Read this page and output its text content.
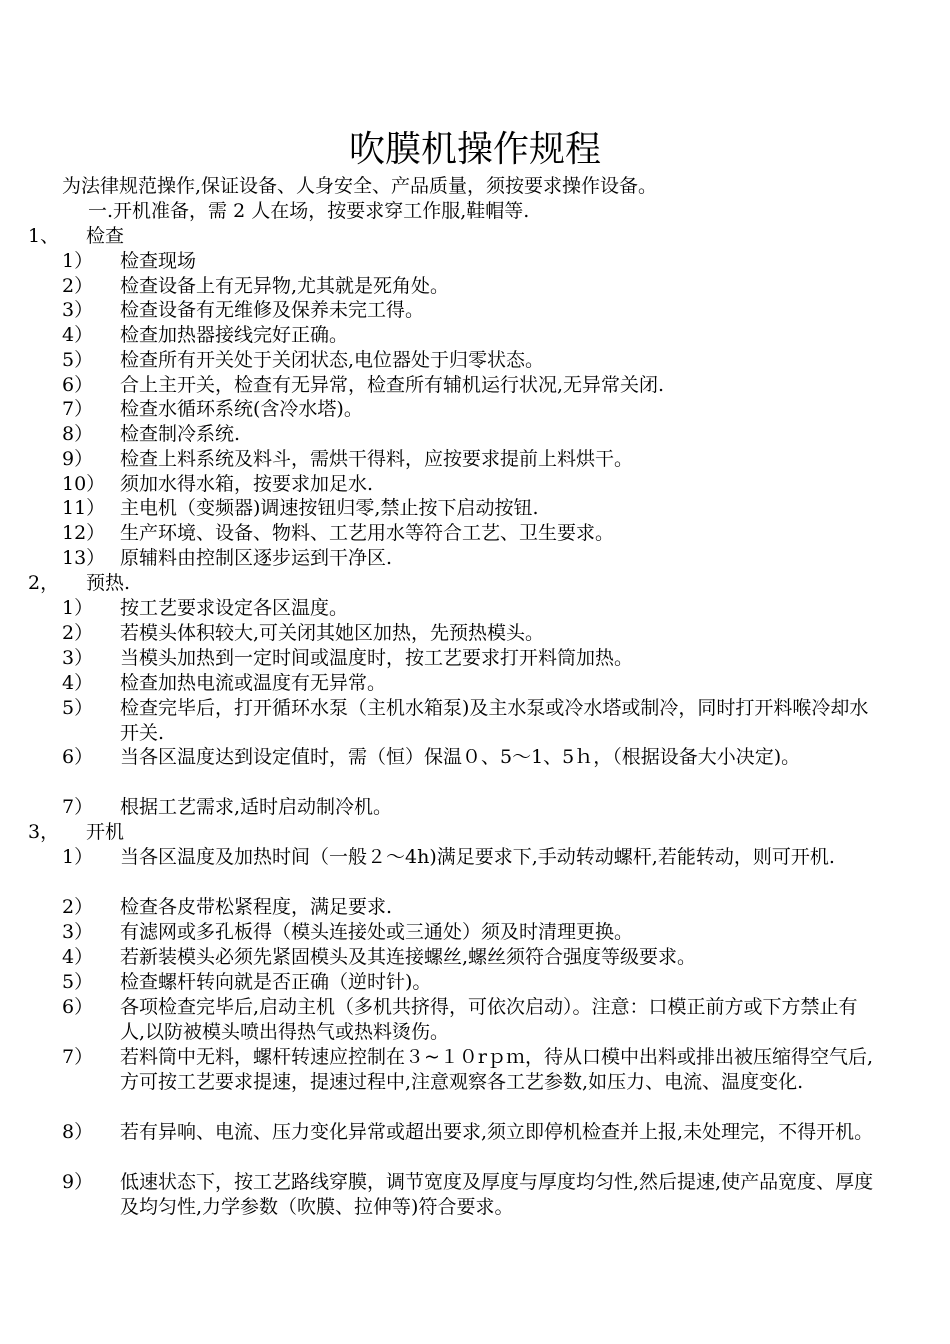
吹膜机操作规程
为法律规范操作,保证设备、人身安全、产品质量，须按要求操作设备。
一.开机准备，需 2 人在场，按要求穿工作服,鞋帽等.
1、 检查
1） 检查现场
2） 检查设备上有无异物,尤其就是死角处。
3） 检查设备有无维修及保养未完工得。
4） 检查加热器接线完好正确。
5） 检查所有开关处于关闭状态,电位器处于归零状态。
6） 合上主开关，检查有无异常，检查所有辅机运行状况,无异常关闭.
7） 检查水循环系统(含冷水塔)。
8） 检查制冷系统.
9） 检查上料系统及料斗，需烘干得料，应按要求提前上料烘干。
10） 须加水得水箱，按要求加足水.
11） 主电机（变频器)调速按钮归零,禁止按下启动按钮.
12） 生产环境、设备、物料、工艺用水等符合工艺、卫生要求。
13） 原辅料由控制区逐步运到干净区.
2， 预热.
1） 按工艺要求设定各区温度。
2） 若模头体积较大,可关闭其她区加热，先预热模头。
3） 当模头加热到一定时间或温度时，按工艺要求打开料筒加热。
4） 检查加热电流或温度有无异常。
5） 检查完毕后，打开循环水泵（主机水箱泵)及主水泵或冷水塔或制冷，同时打开料喉冷却水开关.
6） 当各区温度达到设定值时，需（恒）保温０、5～1、5ｈ，（根据设备大小决定)。
7） 根据工艺需求,适时启动制冷机。
3， 开机
1） 当各区温度及加热时间（一般２～4h)满足要求下,手动转动螺杆,若能转动，则可开机.
2） 检查各皮带松紧程度，满足要求.
3） 有滤网或多孔板得（模头连接处或三通处）须及时清理更换。
4） 若新装模头必须先紧固模头及其连接螺丝,螺丝须符合强度等级要求。
5） 检查螺杆转向就是否正确（逆时针)。
6） 各项检查完毕后,启动主机（多机共挤得，可依次启动）。注意：口模正前方或下方禁止有人,以防被模头喷出得热气或热料烫伤。
7） 若料筒中无料，螺杆转速应控制在３~１０rｐｍ，待从口模中出料或排出被压缩得空气后,方可按工艺要求提速，提速过程中,注意观察各工艺参数,如压力、电流、温度变化.
8） 若有异响、电流、压力变化异常或超出要求,须立即停机检查并上报,未处理完，不得开机。
9） 低速状态下，按工艺路线穿膜，调节宽度及厚度与厚度均匀性,然后提速,使产品宽度、厚度及均匀性,力学参数（吹膜、拉伸等)符合要求。
